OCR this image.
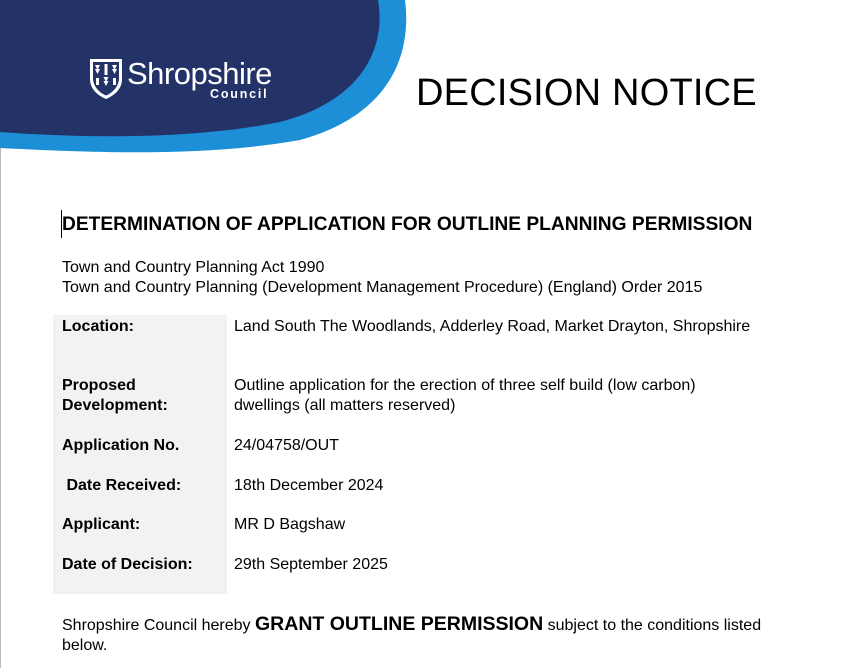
Shropshire
Council	DECISION NOTICE
DETERMINATION OF APPLICATION FOR OUTLINE PLANNING PERMISSION
Town and Country Planning Act 1990
Town and Country Planning (Development Management Procedure) (England) Order 2015
Location:	Land South The Woodlands, Adderley Road, Market Drayton, Shropshire
Proposed
Development:
Outline application for the erection of three self build (low carbon) dwellings (all matters reserved)
Application No.	24/04758/OUT
Date Received:	18th December 2024
Applicant:	MR D Bagshaw
Date of Decision:	29th September 2025
Shropshire Council hereby GRANT OUTLINE PERMISSION subject to the conditions listed below.
